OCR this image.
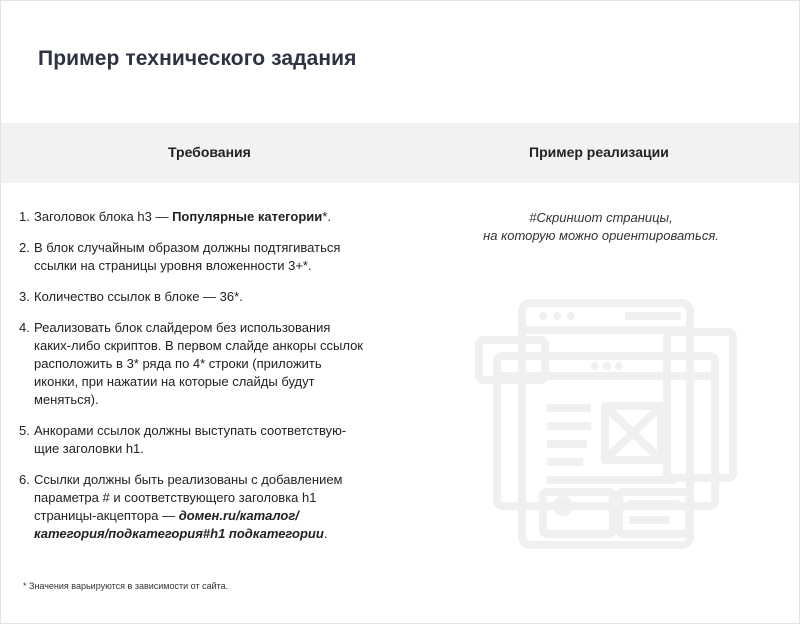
Пример технического задания
Требования	Пример реализации
1. Заголовок блока h3 — Популярные категории*.
2. В блок случайным образом должны подтягиваться
ссылки на страницы уровня вложенности 3+*.
3. Количество ссылок в блоке — 36*.
4. Реализовать блок слайдером без использования
каких-либо скриптов. В первом слайде анкоры ссылок
расположить в 3* ряда по 4* строки (приложить
иконки, при нажатии на которые слайды будут
меняться).
5. Анкорами ссылок должны выступать соответствую-
щие заголовки h1.
6. Ссылки должны быть реализованы с добавлением
параметра # и соответствующего заголовка h1
страницы-акцептора — домен.ru/каталог/
категория/подкатегория#h1 подкатегории.
* Значения варьируются в зависимости от сайта.
#Скриншот страницы,
на которую можно ориентироваться.
